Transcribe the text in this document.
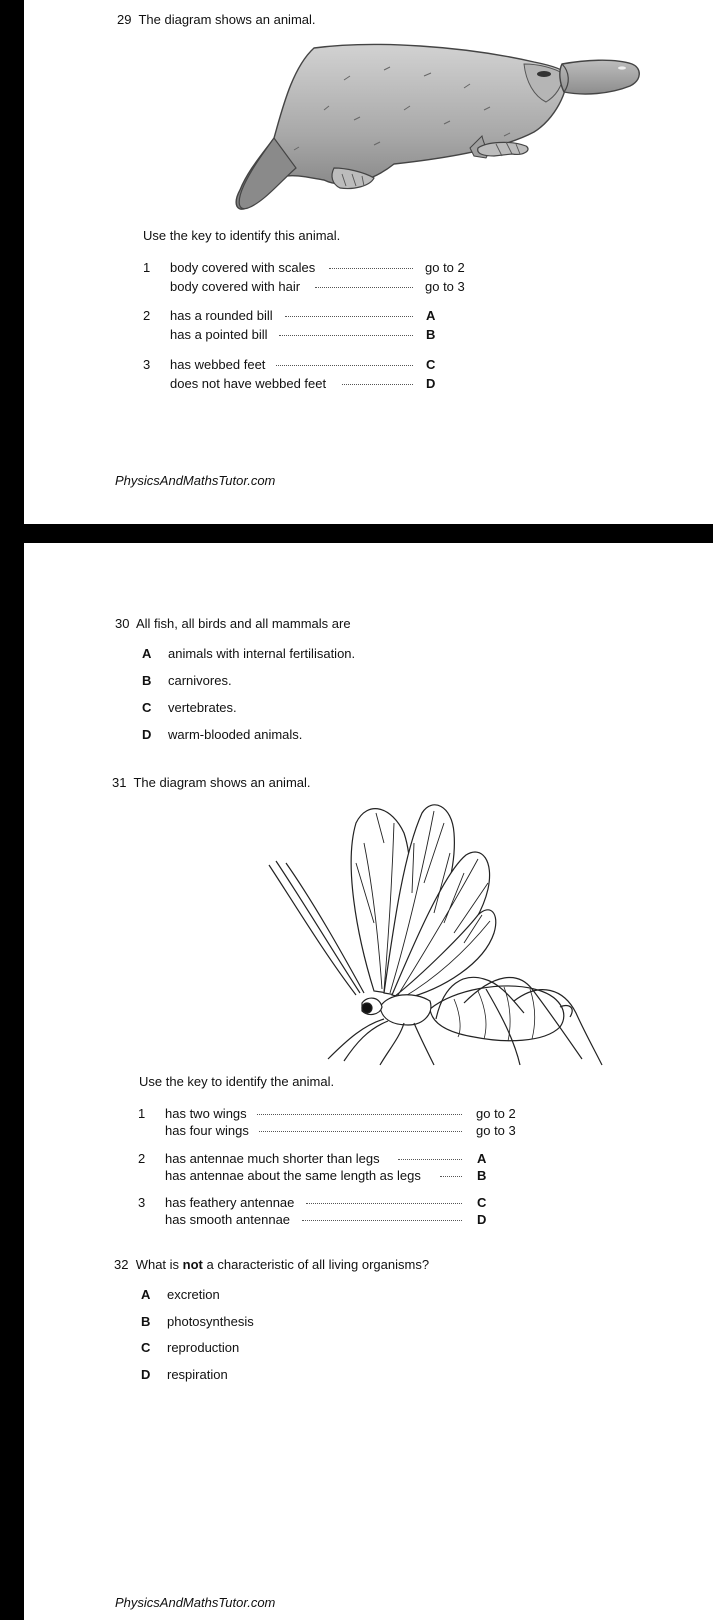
29 The diagram shows an animal.
Use the key to identify this animal.
1 body covered with scales	go to 2
body covered with hair	go to 3
2 has a rounded bill	A
has a pointed bill	B
3 has webbed feet	C
does not have webbed feet	D
PhysicsAndMathsTutor.com
30 All fish, all birds and all mammals are
A animals with internal fertilisation.
B carnivores.
C vertebrates.
D warm-blooded animals.
31 The diagram shows an animal.
Use the key to identify the animal.
1 has two wings	go to 2
has four wings	go to 3
2 has antennae much shorter than legs	A
has antennae about the same length as legs	B
3 has feathery antennae	C
has smooth antennae	D
32 What is not a characteristic of all living organisms?
A excretion
B photosynthesis
C reproduction
D respiration
PhysicsAndMathsTutor.com
